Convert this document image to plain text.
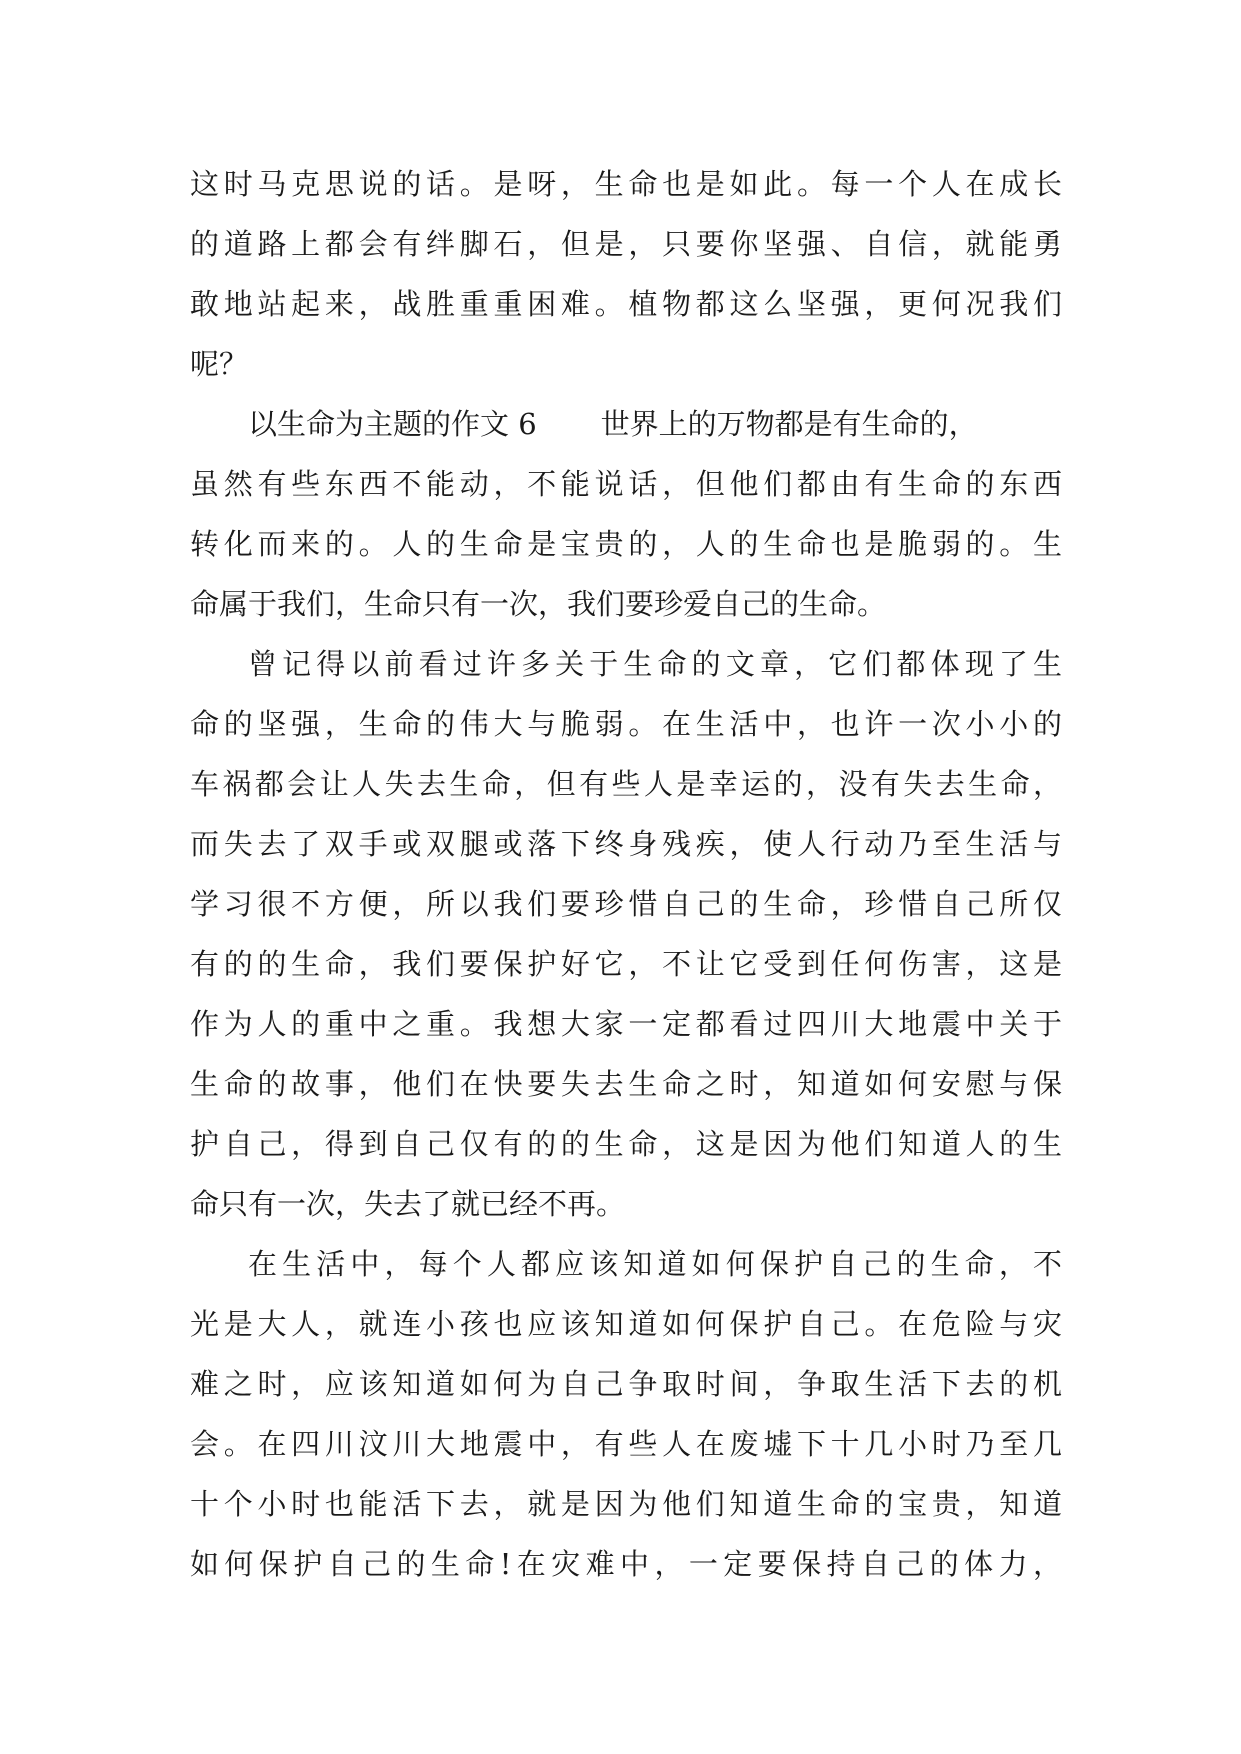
这时马克思说的话。是呀，生命也是如此。每一个人在成长
的道路上都会有绊脚石，但是，只要你坚强、自信，就能勇
敢地站起来，战胜重重困难。植物都这么坚强，更何况我们
呢？
以生命为主题的作文 6 世界上的万物都是有生命的，
虽然有些东西不能动，不能说话，但他们都由有生命的东西
转化而来的。人的生命是宝贵的，人的生命也是脆弱的。生
命属于我们，生命只有一次，我们要珍爱自己的生命。
曾记得以前看过许多关于生命的文章，它们都体现了生
命的坚强，生命的伟大与脆弱。在生活中，也许一次小小的
车祸都会让人失去生命，但有些人是幸运的，没有失去生命，
而失去了双手或双腿或落下终身残疾，使人行动乃至生活与
学习很不方便，所以我们要珍惜自己的生命，珍惜自己所仅
有的的生命，我们要保护好它，不让它受到任何伤害，这是
作为人的重中之重。我想大家一定都看过四川大地震中关于
生命的故事，他们在快要失去生命之时，知道如何安慰与保
护自己，得到自己仅有的的生命，这是因为他们知道人的生
命只有一次，失去了就已经不再。
在生活中，每个人都应该知道如何保护自己的生命，不
光是大人，就连小孩也应该知道如何保护自己。在危险与灾
难之时，应该知道如何为自己争取时间，争取生活下去的机
会。在四川汶川大地震中，有些人在废墟下十几小时乃至几
十个小时也能活下去，就是因为他们知道生命的宝贵，知道
如何保护自己的生命!在灾难中，一定要保持自己的体力，
